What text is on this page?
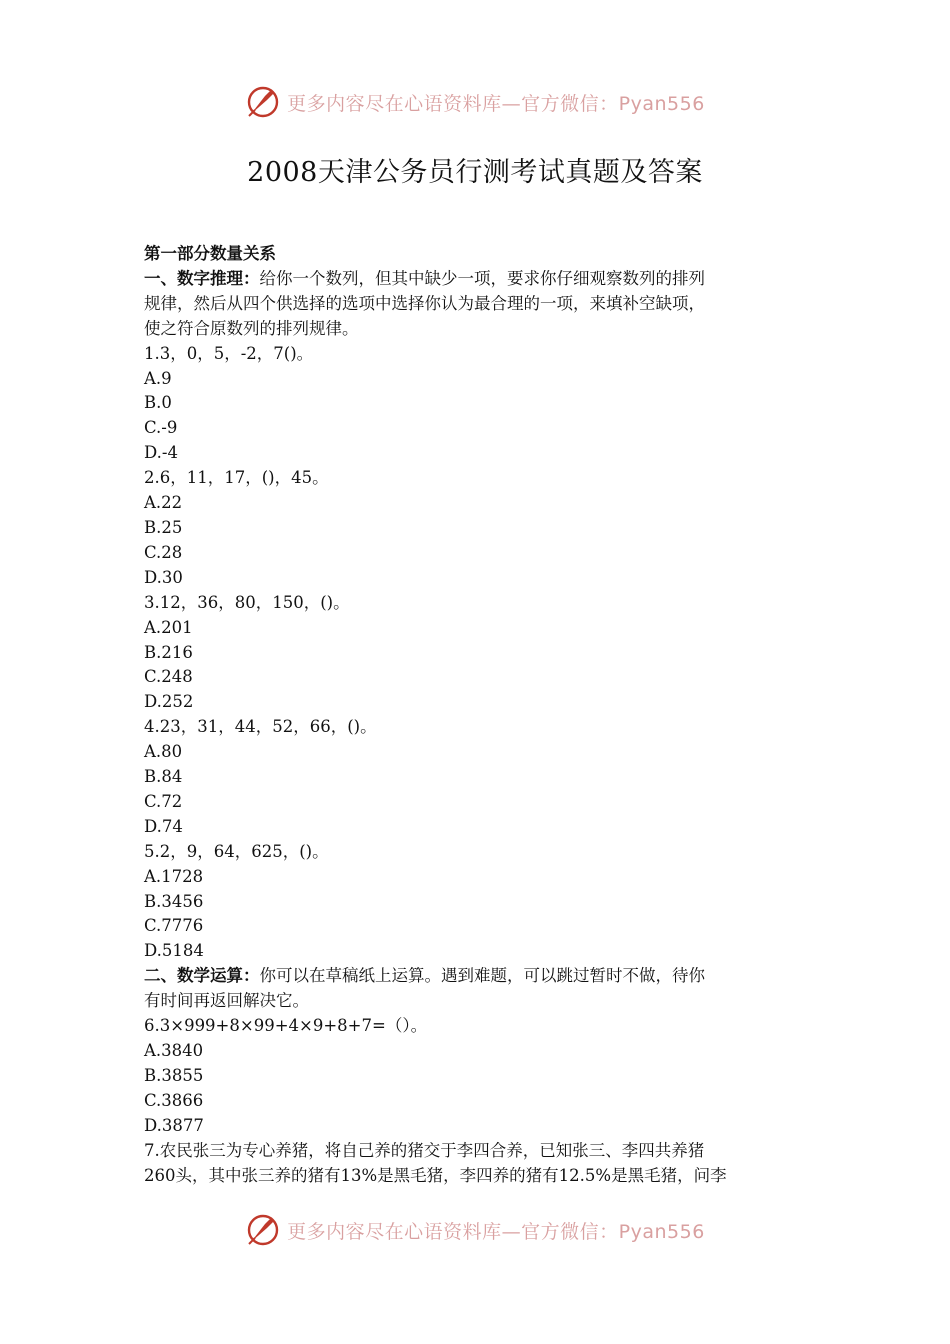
更多内容尽在心语资料库—官方微信：Pyan556
2008天津公务员行测考试真题及答案

第一部分数量关系

一、数字推理：给你一个数列，但其中缺少一项，要求你仔细观察数列的排列

规律，然后从四个供选择的选项中选择你认为最合理的一项，来填补空缺项，

使之符合原数列的排列规律。

1.3，0，5，-2，7()。

A.9

B.0

C.-9

D.-4

2.6，11，17，()，45。

A.22

B.25

C.28

D.30

3.12，36，80，150，()。

A.201

B.216

C.248

D.252

4.23，31，44，52，66，()。

A.80

B.84

C.72

D.74

5.2，9，64，625，()。

A.1728

B.3456

C.7776

D.5184

二、数学运算：你可以在草稿纸上运算。遇到难题，可以跳过暂时不做，待你

有时间再返回解决它。

6.3×999+8×99+4×9+8+7=（）。

A.3840

B.3855

C.3866

D.3877

7.农民张三为专心养猪，将自己养的猪交于李四合养，已知张三、李四共养猪

260头，其中张三养的猪有13%是黑毛猪，李四养的猪有12.5%是黑毛猪，问李

更多内容尽在心语资料库—官方微信：Pyan556
